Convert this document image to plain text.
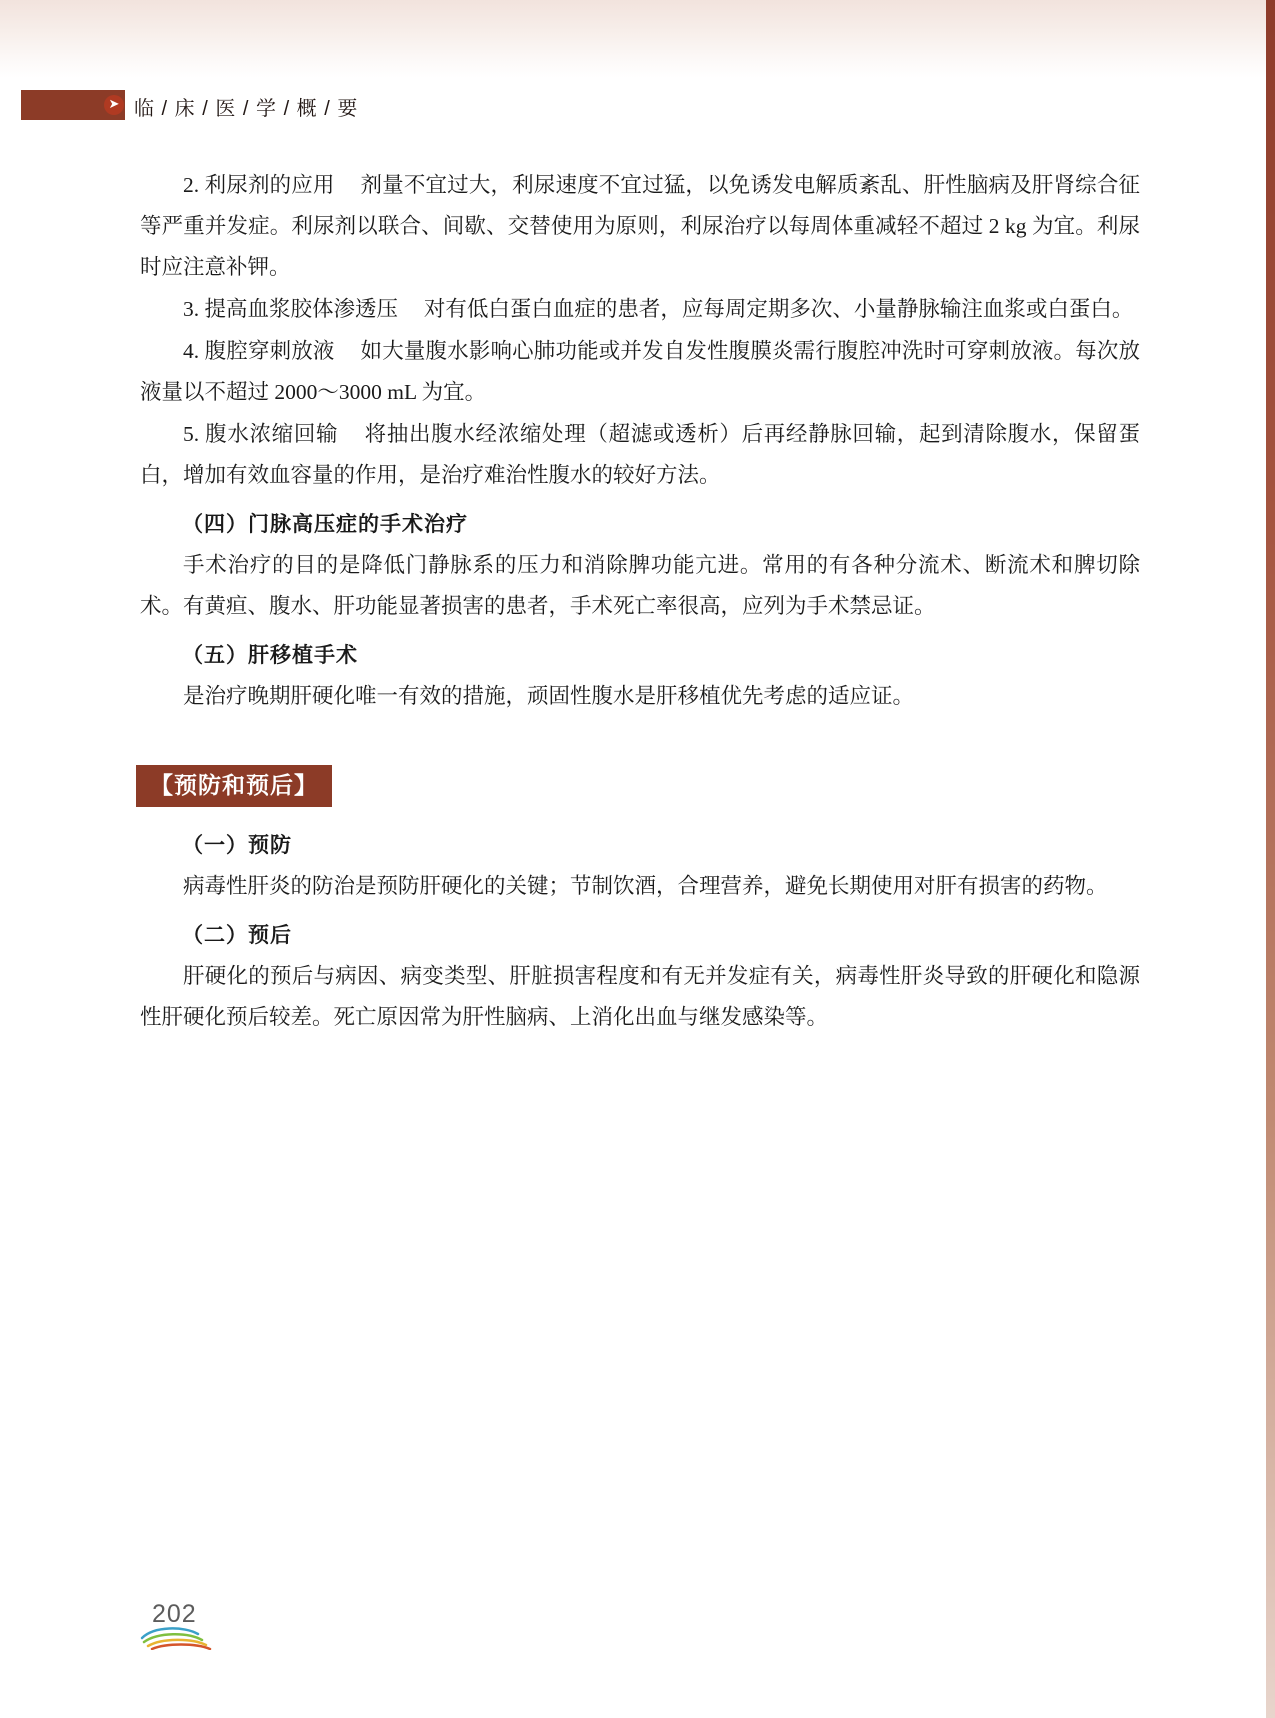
➤ 临 / 床 / 医 / 学 / 概 / 要

2. 利尿剂的应用 剂量不宜过大，利尿速度不宜过猛，以免诱发电解质紊乱、肝性脑病及肝肾综合征等严重并发症。利尿剂以联合、间歇、交替使用为原则，利尿治疗以每周体重减轻不超过 2 kg 为宜。利尿时应注意补钾。

3. 提高血浆胶体渗透压 对有低白蛋白血症的患者，应每周定期多次、小量静脉输注血浆或白蛋白。

4. 腹腔穿刺放液 如大量腹水影响心肺功能或并发自发性腹膜炎需行腹腔冲洗时可穿刺放液。每次放液量以不超过 2000～3000 mL 为宜。

5. 腹水浓缩回输 将抽出腹水经浓缩处理（超滤或透析）后再经静脉回输，起到清除腹水，保留蛋白，增加有效血容量的作用，是治疗难治性腹水的较好方法。

（四）门脉高压症的手术治疗

手术治疗的目的是降低门静脉系的压力和消除脾功能亢进。常用的有各种分流术、断流术和脾切除术。有黄疸、腹水、肝功能显著损害的患者，手术死亡率很高，应列为手术禁忌证。

（五）肝移植手术

是治疗晚期肝硬化唯一有效的措施，顽固性腹水是肝移植优先考虑的适应证。

【预防和预后】

（一）预防

病毒性肝炎的防治是预防肝硬化的关键；节制饮酒，合理营养，避免长期使用对肝有损害的药物。

（二）预后

肝硬化的预后与病因、病变类型、肝脏损害程度和有无并发症有关，病毒性肝炎导致的肝硬化和隐源性肝硬化预后较差。死亡原因常为肝性脑病、上消化出血与继发感染等。

202
